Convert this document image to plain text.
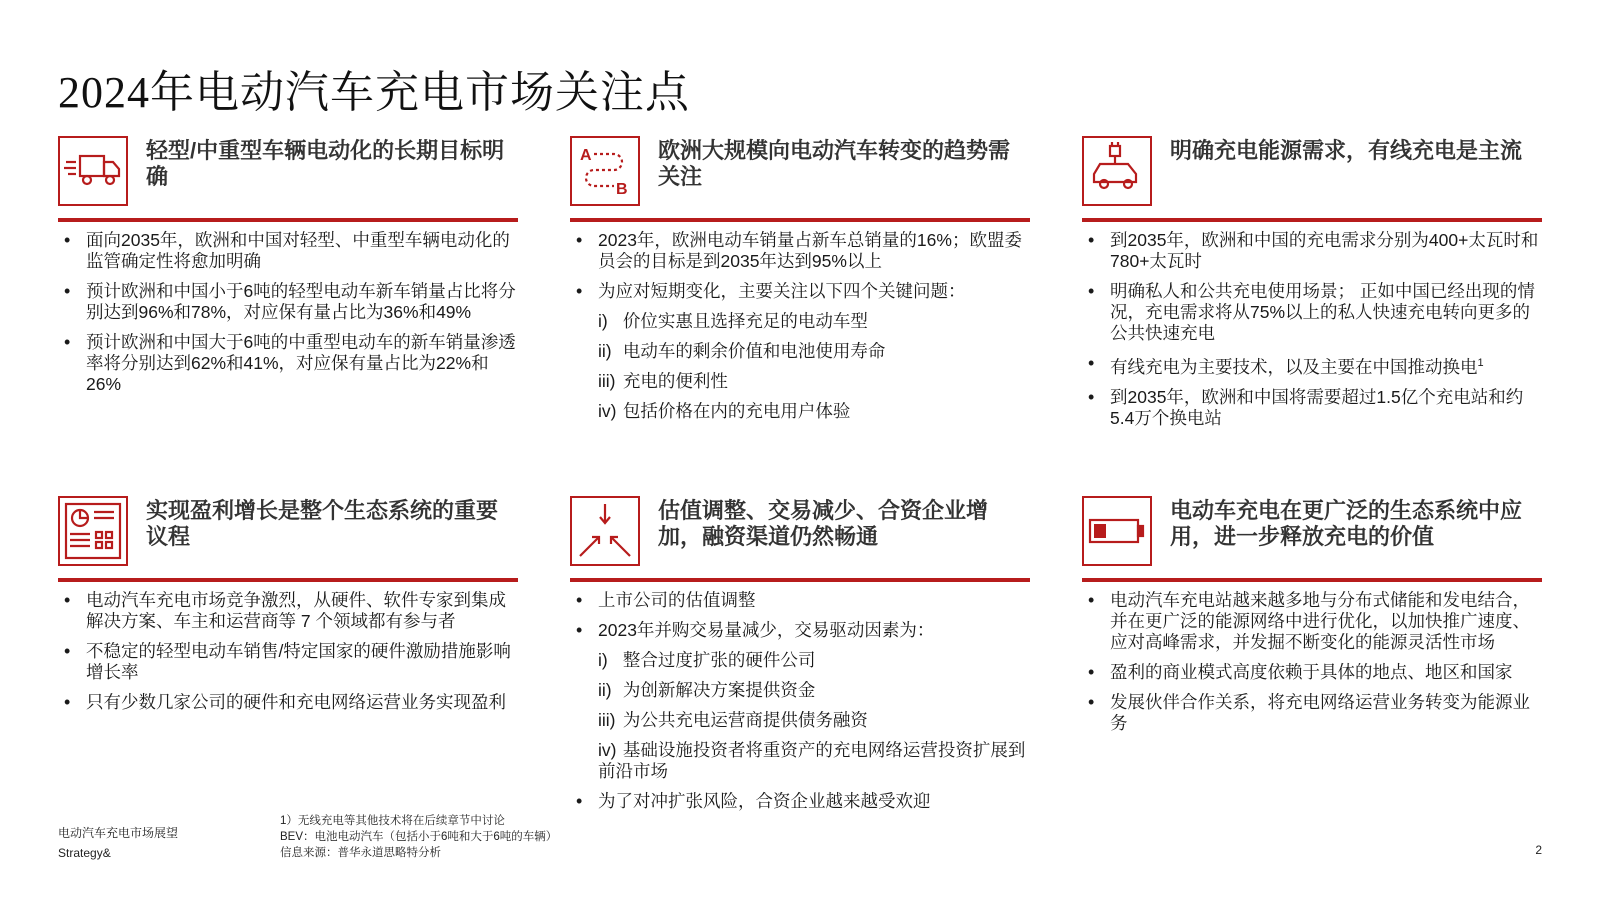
2024年电动汽车充电市场关注点
轻型/中重型车辆电动化的长期目标明确
• 面向2035年，欧洲和中国对轻型、中重型车辆电动化的监管确定性将愈加明确
• 预计欧洲和中国小于6吨的轻型电动车新车销量占比将分别达到96%和78%，对应保有量占比为36%和49%
• 预计欧洲和中国大于6吨的中重型电动车的新车销量渗透率将分别达到62%和41%，对应保有量占比为22%和26%
A
B
欧洲大规模向电动汽车转变的趋势需关注
• 2023年，欧洲电动车销量占新车总销量的16%；欧盟委员会的目标是到2035年达到95%以上
• 为应对短期变化，主要关注以下四个关键问题：
i) 价位实惠且选择充足的电动车型
ii) 电动车的剩余价值和电池使用寿命
iii) 充电的便利性
iv) 包括价格在内的充电用户体验
明确充电能源需求，有线充电是主流
• 到2035年，欧洲和中国的充电需求分别为400+太瓦时和780+太瓦时
• 明确私人和公共充电使用场景； 正如中国已经出现的情况，充电需求将从75%以上的私人快速充电转向更多的公共快速充电
• 有线充电为主要技术，以及主要在中国推动换电$^1$
• 到2035年，欧洲和中国将需要超过1.5亿个充电站和约5.4万个换电站
实现盈利增长是整个生态系统的重要议程
• 电动汽车充电市场竞争激烈，从硬件、软件专家到集成解决方案、车主和运营商等 7 个领域都有参与者
• 不稳定的轻型电动车销售/特定国家的硬件激励措施影响增长率
• 只有少数几家公司的硬件和充电网络运营业务实现盈利
估值调整、交易减少、合资企业增加，融资渠道仍然畅通
• 上市公司的估值调整
• 2023年并购交易量减少，交易驱动因素为：
i) 整合过度扩张的硬件公司
ii) 为创新解决方案提供资金
iii) 为公共充电运营商提供债务融资
iv) 基础设施投资者将重资产的充电网络运营投资扩展到前沿市场
• 为了对冲扩张风险，合资企业越来越受欢迎
电动车充电在更广泛的生态系统中应用，进一步释放充电的价值
• 电动汽车充电站越来越多地与分布式储能和发电结合，并在更广泛的能源网络中进行优化，以加快推广速度、应对高峰需求，并发掘不断变化的能源灵活性市场
• 盈利的商业模式高度依赖于具体的地点、地区和国家
• 发展伙伴合作关系，将充电网络运营业务转变为能源业务
电动汽车充电市场展望
Strategy&
1）无线充电等其他技术将在后续章节中讨论
BEV：电池电动汽车（包括小于6吨和大于6吨的车辆）
信息来源：普华永道思略特分析	2
